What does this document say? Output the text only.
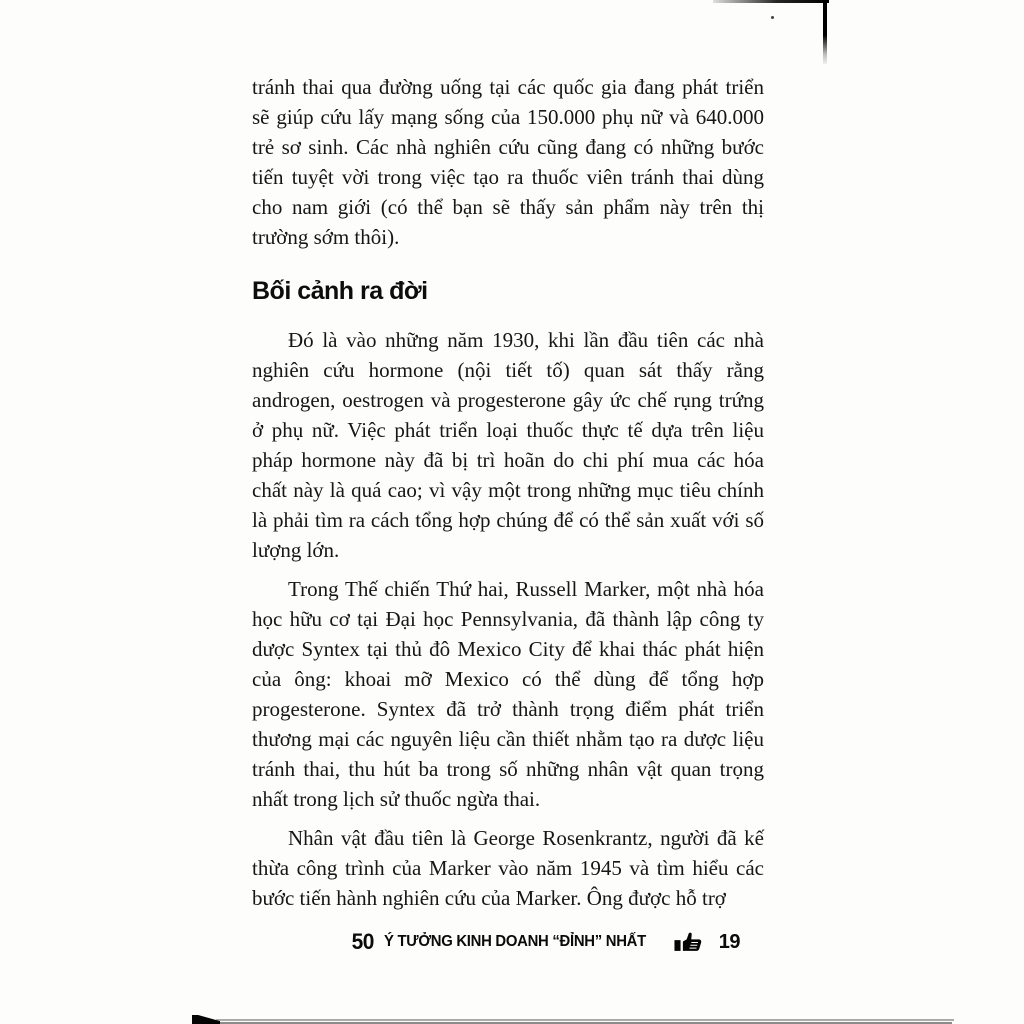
tránh thai qua đường uống tại các quốc gia đang phát triển sẽ giúp cứu lấy mạng sống của 150.000 phụ nữ và 640.000 trẻ sơ sinh. Các nhà nghiên cứu cũng đang có những bước tiến tuyệt vời trong việc tạo ra thuốc viên tránh thai dùng cho nam giới (có thể bạn sẽ thấy sản phẩm này trên thị trường sớm thôi).

Bối cảnh ra đời

Đó là vào những năm 1930, khi lần đầu tiên các nhà nghiên cứu hormone (nội tiết tố) quan sát thấy rằng androgen, oestrogen và progesterone gây ức chế rụng trứng ở phụ nữ. Việc phát triển loại thuốc thực tế dựa trên liệu pháp hormone này đã bị trì hoãn do chi phí mua các hóa chất này là quá cao; vì vậy một trong những mục tiêu chính là phải tìm ra cách tổng hợp chúng để có thể sản xuất với số lượng lớn.

Trong Thế chiến Thứ hai, Russell Marker, một nhà hóa học hữu cơ tại Đại học Pennsylvania, đã thành lập công ty dược Syntex tại thủ đô Mexico City để khai thác phát hiện của ông: khoai mỡ Mexico có thể dùng để tổng hợp progesterone. Syntex đã trở thành trọng điểm phát triển thương mại các nguyên liệu cần thiết nhằm tạo ra dược liệu tránh thai, thu hút ba trong số những nhân vật quan trọng nhất trong lịch sử thuốc ngừa thai.

Nhân vật đầu tiên là George Rosenkrantz, người đã kế thừa công trình của Marker vào năm 1945 và tìm hiểu các bước tiến hành nghiên cứu của Marker. Ông được hỗ trợ

50 Ý TƯỞNG KINH DOANH “ĐỈNH” NHẤT	19
